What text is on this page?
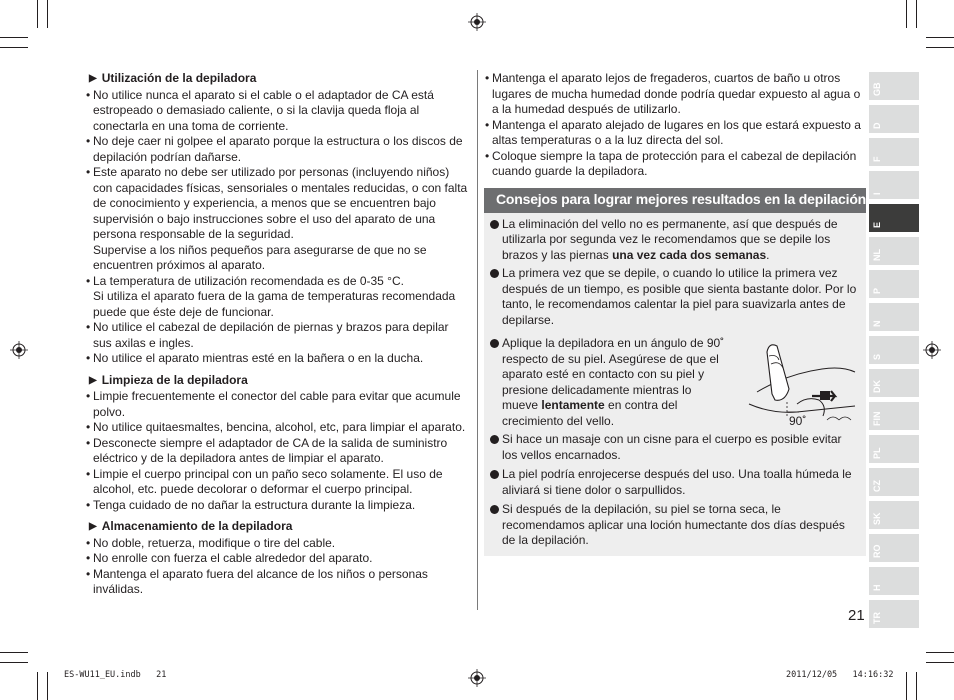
▶ Utilización de la depiladora
• No utilice nunca el aparato si el cable o el adaptador de CA está estropeado o demasiado caliente, o si la clavija queda floja al conectarla en una toma de corriente.
• No deje caer ni golpee el aparato porque la estructura o los discos de depilación podrían dañarse.
• Este aparato no debe ser utilizado por personas (incluyendo niños) con capacidades físicas, sensoriales o mentales reducidas, o con falta de conocimiento y experiencia, a menos que se encuentren bajo supervisión o bajo instrucciones sobre el uso del aparato de una persona responsable de la seguridad.
Supervise a los niños pequeños para asegurarse de que no se encuentren próximos al aparato.
• La temperatura de utilización recomendada es de 0-35 °C.
Si utiliza el aparato fuera de la gama de temperaturas recomendada puede que éste deje de funcionar.
• No utilice el cabezal de depilación de piernas y brazos para depilar sus axilas e ingles.
• No utilice el aparato mientras esté en la bañera o en la ducha.
▶ Limpieza de la depiladora
• Limpie frecuentemente el conector del cable para evitar que acumule polvo.
• No utilice quitaesmaltes, bencina, alcohol, etc, para limpiar el aparato.
• Desconecte siempre el adaptador de CA de la salida de suministro eléctrico y de la depiladora antes de limpiar el aparato.
• Limpie el cuerpo principal con un paño seco solamente. El uso de alcohol, etc. puede decolorar o deformar el cuerpo principal.
• Tenga cuidado de no dañar la estructura durante la limpieza.
▶ Almacenamiento de la depiladora
• No doble, retuerza, modifique o tire del cable.
• No enrolle con fuerza el cable alrededor del aparato.
• Mantenga el aparato fuera del alcance de los niños o personas inválidas.
• Mantenga el aparato lejos de fregaderos, cuartos de baño u otros lugares de mucha humedad donde podría quedar expuesto al agua o a la humedad después de utilizarlo.
• Mantenga el aparato alejado de lugares en los que estará expuesto a altas temperaturas o a la luz directa del sol.
• Coloque siempre la tapa de protección para el cabezal de depilación cuando guarde la depiladora.
Consejos para lograr mejores resultados en la depilación
La eliminación del vello no es permanente, así que después de utilizarla por segunda vez le recomendamos que se depile los brazos y las piernas una vez cada dos semanas.
La primera vez que se depile, o cuando lo utilice la primera vez después de un tiempo, es posible que sienta bastante dolor. Por lo tanto, le recomendamos calentar la piel para suavizarla antes de depilarse.
Aplique la depiladora en un ángulo de 90˚ respecto de su piel. Asegúrese de que el aparato esté en contacto con su piel y presione delicadamente mientras lo mueve lentamente en contra del crecimiento del vello.	90˚
Si hace un masaje con un cisne para el cuerpo es posible evitar los vellos encarnados.
La piel podría enrojecerse después del uso. Una toalla húmeda le aliviará si tiene dolor o sarpullidos.
Si después de la depilación, su piel se torna seca, le recomendamos aplicar una loción humectante dos días después de la depilación.
GB
D
F
I
E
NL
P
N
S
DK
FIN
PL
CZ
SK
RO
H
TR
21
ES-WU11_EU.indb   21	2011/12/05   14:16:32
